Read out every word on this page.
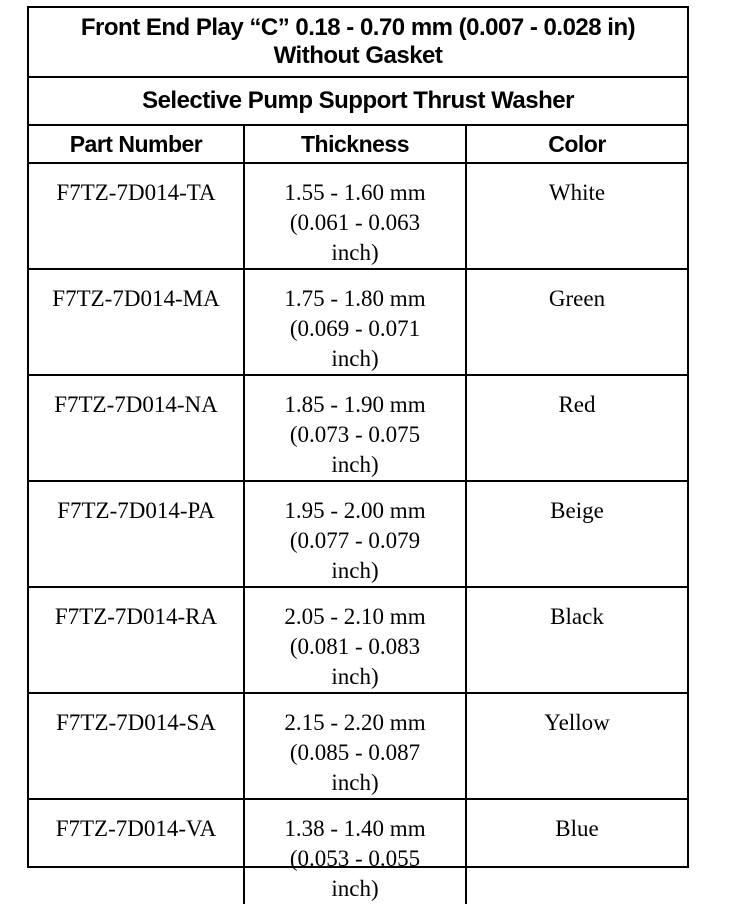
Front End Play “C” 0.18 - 0.70 mm (0.007 - 0.028 in) Without Gasket
Selective Pump Support Thrust Washer
Part Number	Thickness	Color
F7TZ-7D014-TA	1.55 - 1.60 mm
(0.061 - 0.063
inch)	White
F7TZ-7D014-MA	1.75 - 1.80 mm
(0.069 - 0.071
inch)	Green
F7TZ-7D014-NA	1.85 - 1.90 mm
(0.073 - 0.075
inch)	Red
F7TZ-7D014-PA	1.95 - 2.00 mm
(0.077 - 0.079
inch)	Beige
F7TZ-7D014-RA	2.05 - 2.10 mm
(0.081 - 0.083
inch)	Black
F7TZ-7D014-SA	2.15 - 2.20 mm
(0.085 - 0.087
inch)	Yellow
F7TZ-7D014-VA	1.38 - 1.40 mm
(0.053 - 0.055
inch)	Blue
